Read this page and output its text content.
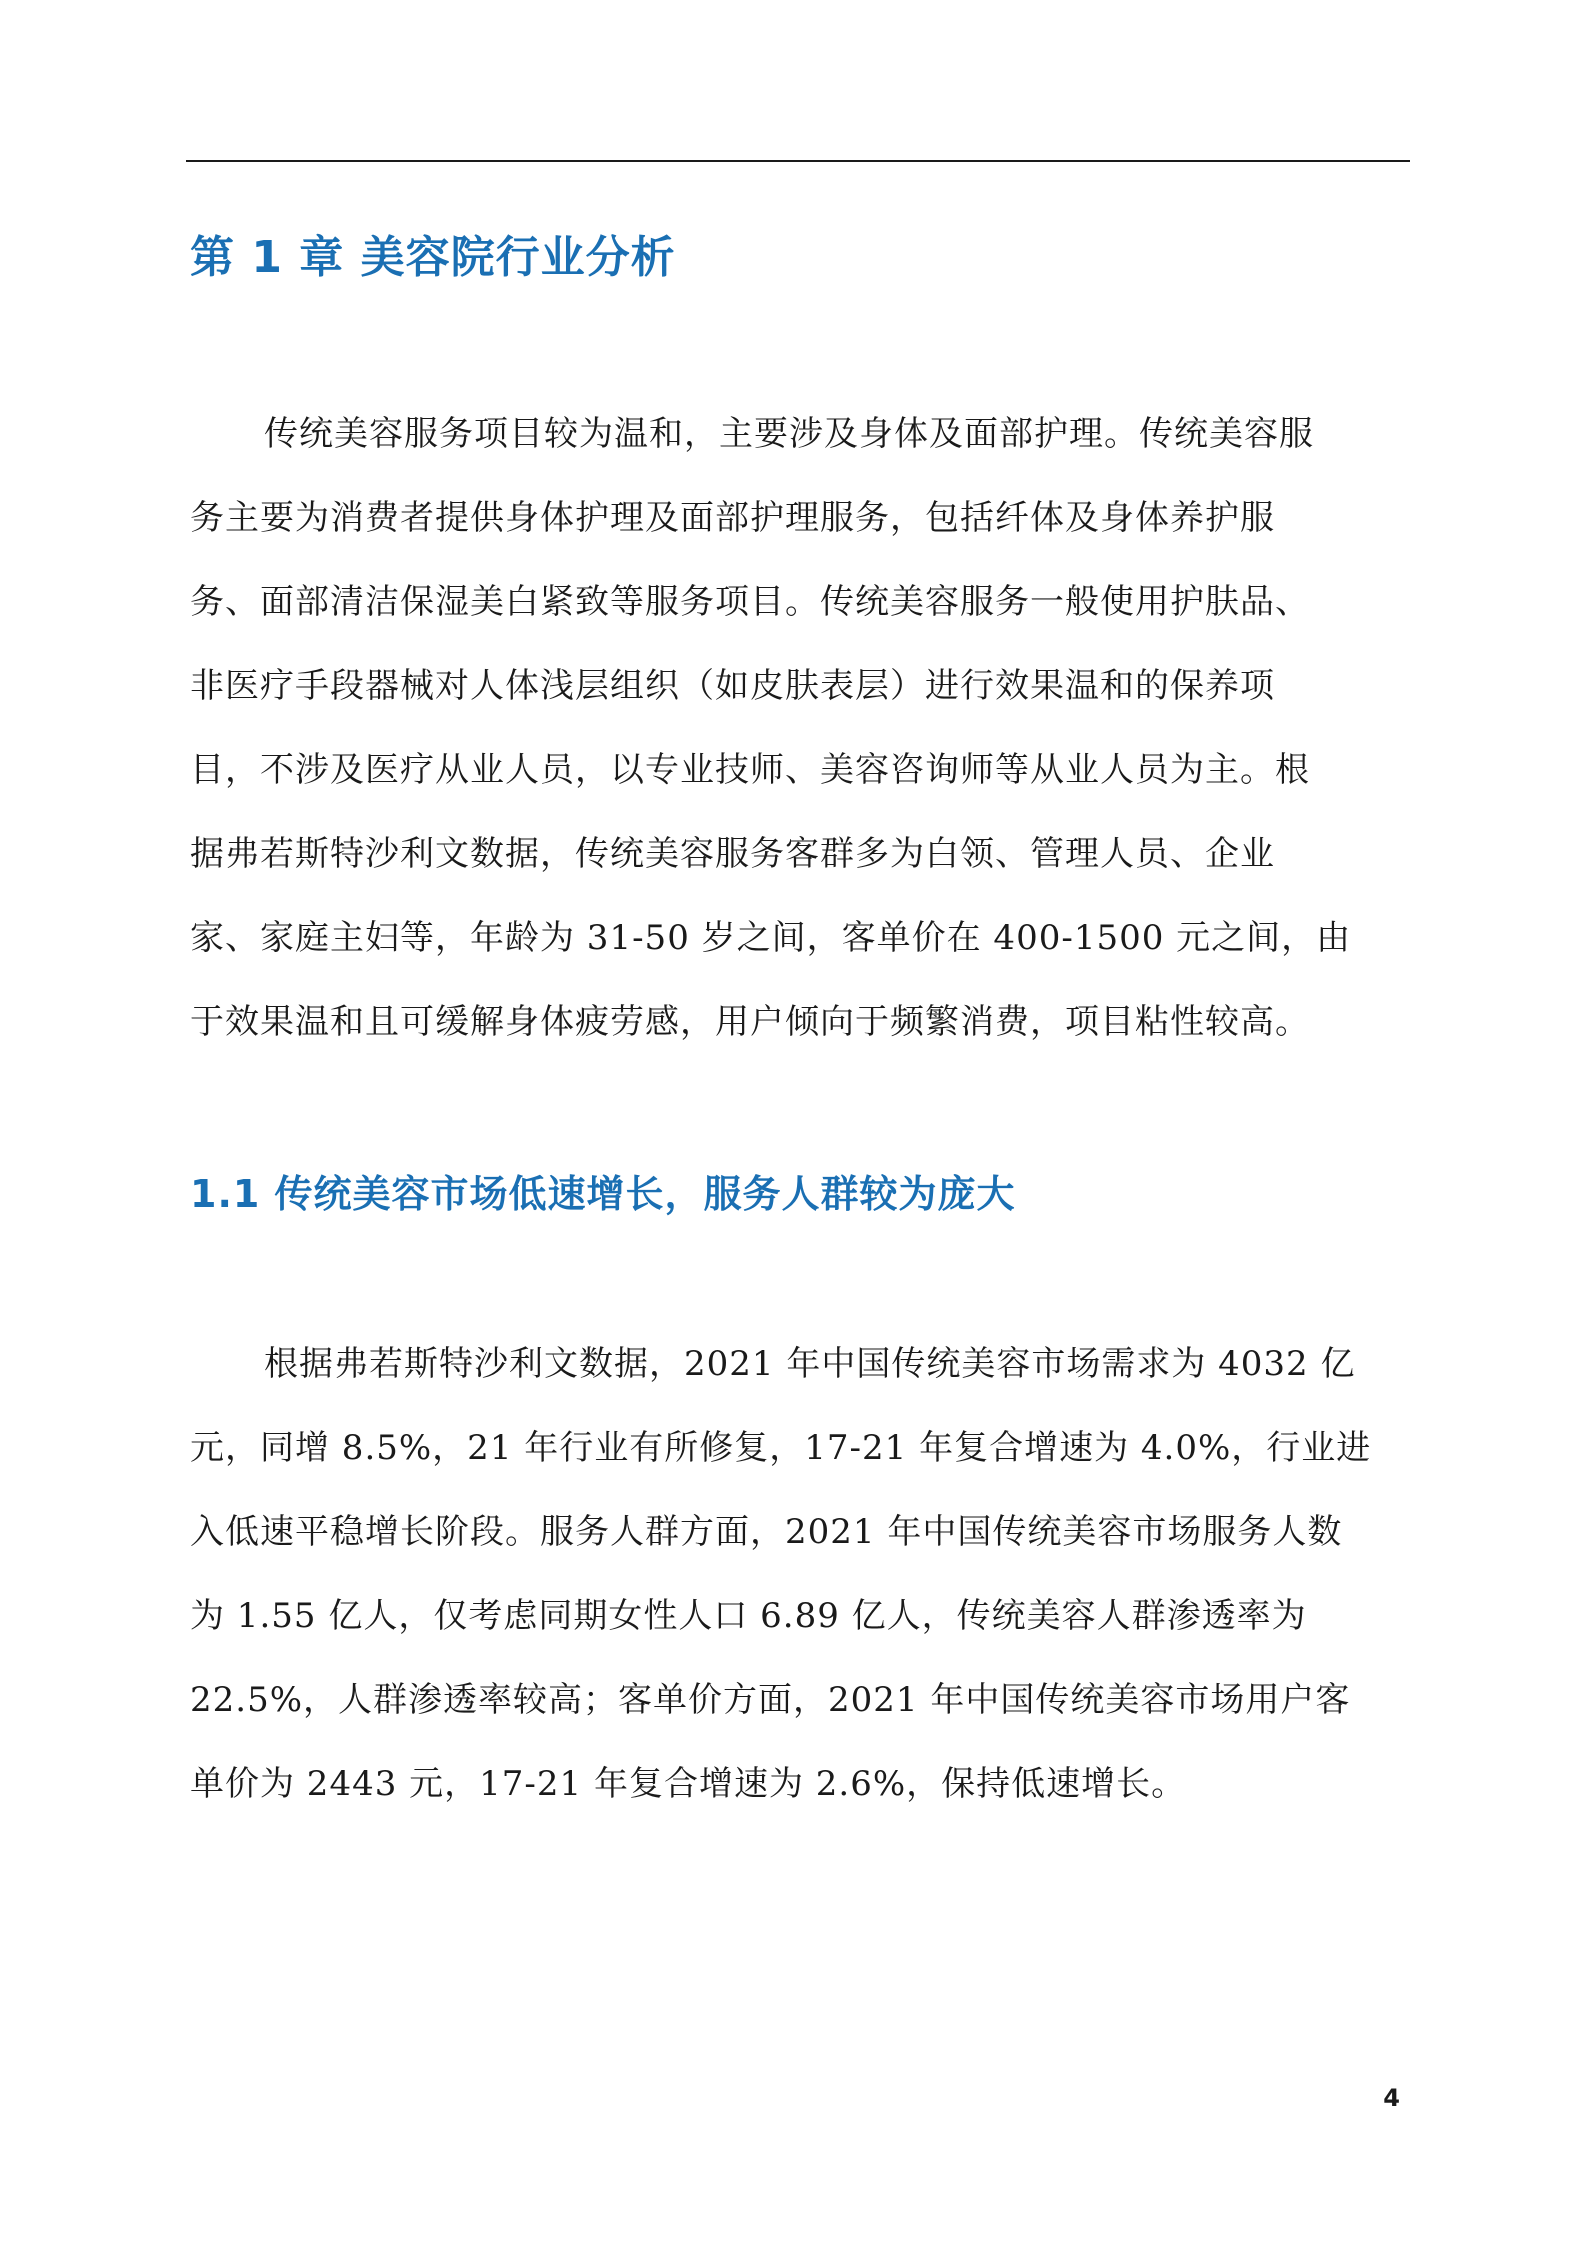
第 1 章 美容院行业分析
传统美容服务项目较为温和，主要涉及身体及面部护理。传统美容服
务主要为消费者提供身体护理及面部护理服务，包括纤体及身体养护服
务、面部清洁保湿美白紧致等服务项目。传统美容服务一般使用护肤品、
非医疗手段器械对人体浅层组织（如皮肤表层）进行效果温和的保养项
目，不涉及医疗从业人员，以专业技师、美容咨询师等从业人员为主。根
据弗若斯特沙利文数据，传统美容服务客群多为白领、管理人员、企业
家、家庭主妇等，年龄为 31-50 岁之间，客单价在 400-1500 元之间，由
于效果温和且可缓解身体疲劳感，用户倾向于频繁消费，项目粘性较高。
1.1 传统美容市场低速增长，服务人群较为庞大
根据弗若斯特沙利文数据，2021 年中国传统美容市场需求为 4032 亿
元，同增 8.5%，21 年行业有所修复，17-21 年复合增速为 4.0%，行业进
入低速平稳增长阶段。服务人群方面，2021 年中国传统美容市场服务人数
为 1.55 亿人，仅考虑同期女性人口 6.89 亿人，传统美容人群渗透率为
22.5%，人群渗透率较高；客单价方面，2021 年中国传统美容市场用户客
单价为 2443 元，17-21 年复合增速为 2.6%，保持低速增长。
4
